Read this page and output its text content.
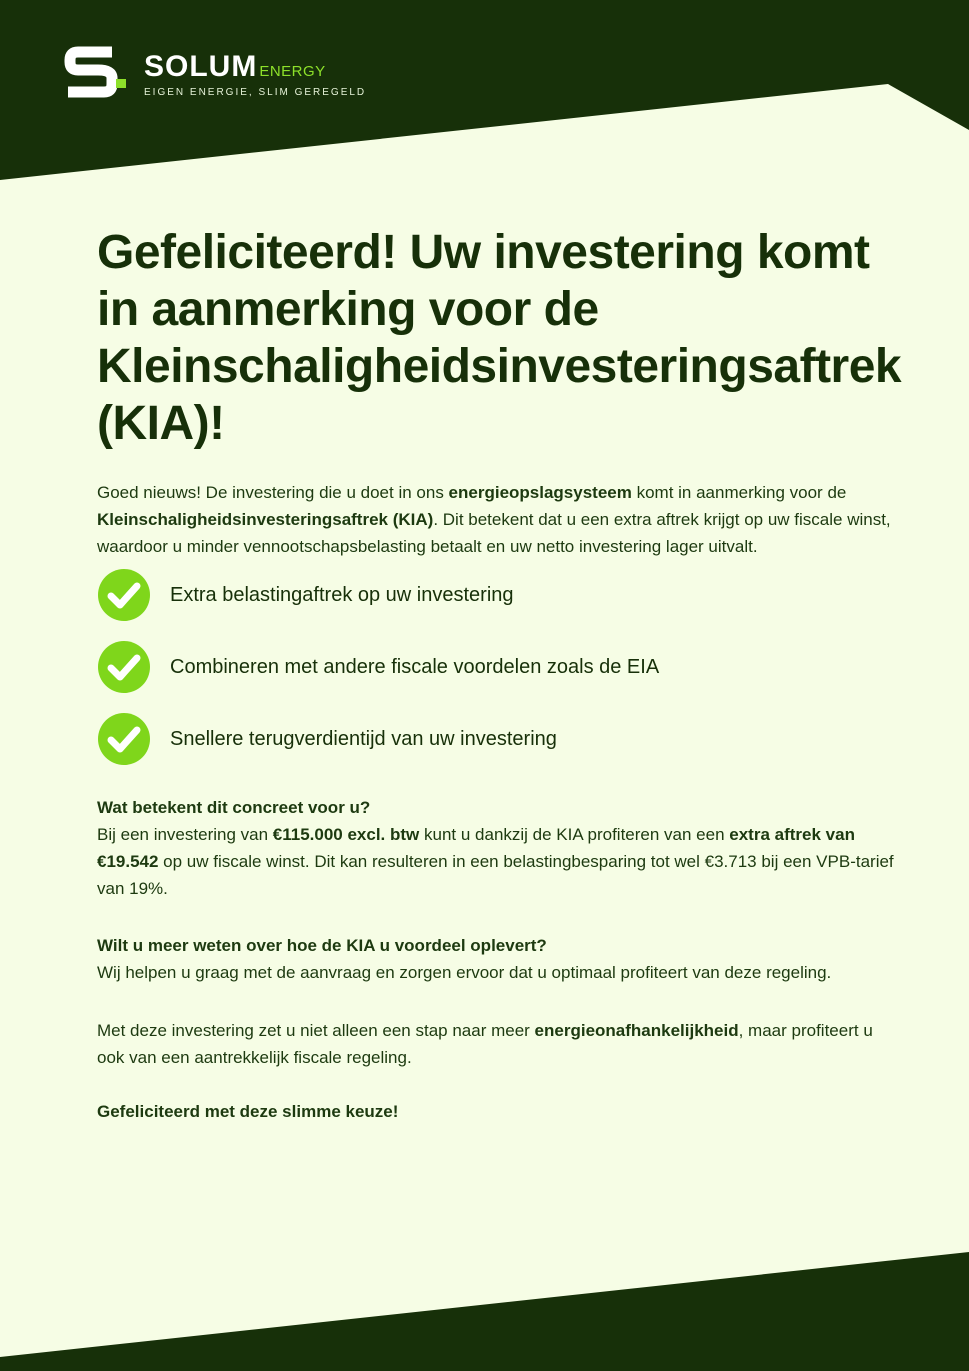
SOLUM ENERGY
EIGEN ENERGIE, SLIM GEREGELD
Gefeliciteerd! Uw investering komt in aanmerking voor de Kleinschaligheidsinvesteringsaftrek (KIA)!

Goed nieuws! De investering die u doet in ons energieopslagsysteem komt in aanmerking voor de Kleinschaligheidsinvesteringsaftrek (KIA). Dit betekent dat u een extra aftrek krijgt op uw fiscale winst, waardoor u minder vennootschapsbelasting betaalt en uw netto investering lager uitvalt.

Extra belastingaftrek op uw investering
Combineren met andere fiscale voordelen zoals de EIA
Snellere terugverdientijd van uw investering
Wat betekent dit concreet voor u?
Bij een investering van €115.000 excl. btw kunt u dankzij de KIA profiteren van een extra aftrek van €19.542 op uw fiscale winst. Dit kan resulteren in een belastingbesparing tot wel €3.713 bij een VPB-tarief van 19%.
Wilt u meer weten over hoe de KIA u voordeel oplevert?
Wij helpen u graag met de aanvraag en zorgen ervoor dat u optimaal profiteert van deze regeling.
Met deze investering zet u niet alleen een stap naar meer energieonafhankelijkheid, maar profiteert u ook van een aantrekkelijk fiscale regeling.
Gefeliciteerd met deze slimme keuze!
